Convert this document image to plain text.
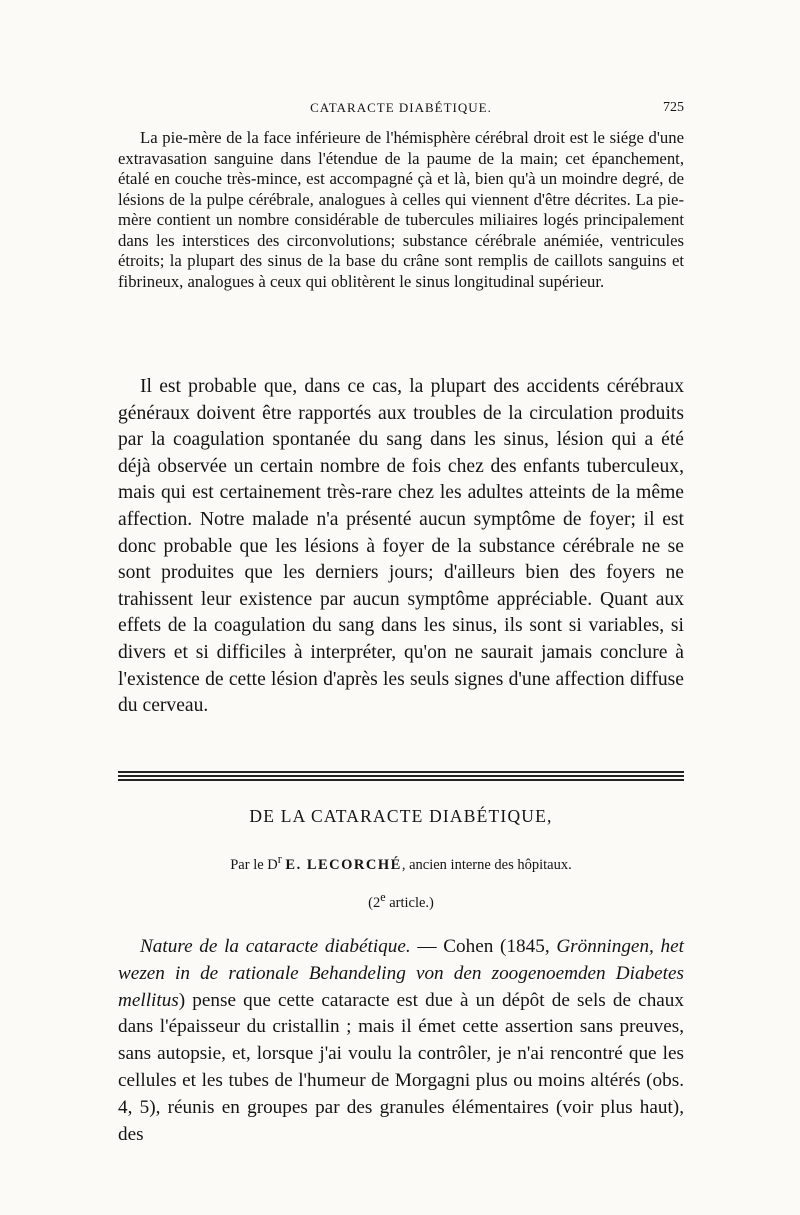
CATARACTE DIABÉTIQUE.	725

La pie-mère de la face inférieure de l'hémisphère cérébral droit est le siége d'une extravasation sanguine dans l'étendue de la paume de la main; cet épanchement, étalé en couche très-mince, est accompagné çà et là, bien qu'à un moindre degré, de lésions de la pulpe cérébrale, analogues à celles qui viennent d'être décrites. La pie-mère contient un nombre considérable de tubercules miliaires logés principalement dans les interstices des circonvolutions; substance cérébrale anémiée, ventricules étroits; la plupart des sinus de la base du crâne sont remplis de caillots sanguins et fibrineux, analogues à ceux qui oblitèrent le sinus longitudinal supérieur.

Il est probable que, dans ce cas, la plupart des accidents cérébraux généraux doivent être rapportés aux troubles de la circulation produits par la coagulation spontanée du sang dans les sinus, lésion qui a été déjà observée un certain nombre de fois chez des enfants tuberculeux, mais qui est certainement très-rare chez les adultes atteints de la même affection. Notre malade n'a présenté aucun symptôme de foyer; il est donc probable que les lésions à foyer de la substance cérébrale ne se sont produites que les derniers jours; d'ailleurs bien des foyers ne trahissent leur existence par aucun symptôme appréciable. Quant aux effets de la coagulation du sang dans les sinus, ils sont si variables, si divers et si difficiles à interpréter, qu'on ne saurait jamais conclure à l'existence de cette lésion d'après les seuls signes d'une affection diffuse du cerveau.

DE LA CATARACTE DIABÉTIQUE,
Par le $D^r$ E. LECORCHÉ, ancien interne des hôpitaux.
(2e article.)

Nature de la cataracte diabétique. — Cohen (1845, Grönningen, het wezen in de rationale Behandeling von den zoogenoemden Diabetes mellitus) pense que cette cataracte est due à un dépôt de sels de chaux dans l'épaisseur du cristallin ; mais il émet cette assertion sans preuves, sans autopsie, et, lorsque j'ai voulu la contrôler, je n'ai rencontré que les cellules et les tubes de l'humeur de Morgagni plus ou moins altérés (obs. 4, 5), réunis en groupes par des granules élémentaires (voir plus haut), des
